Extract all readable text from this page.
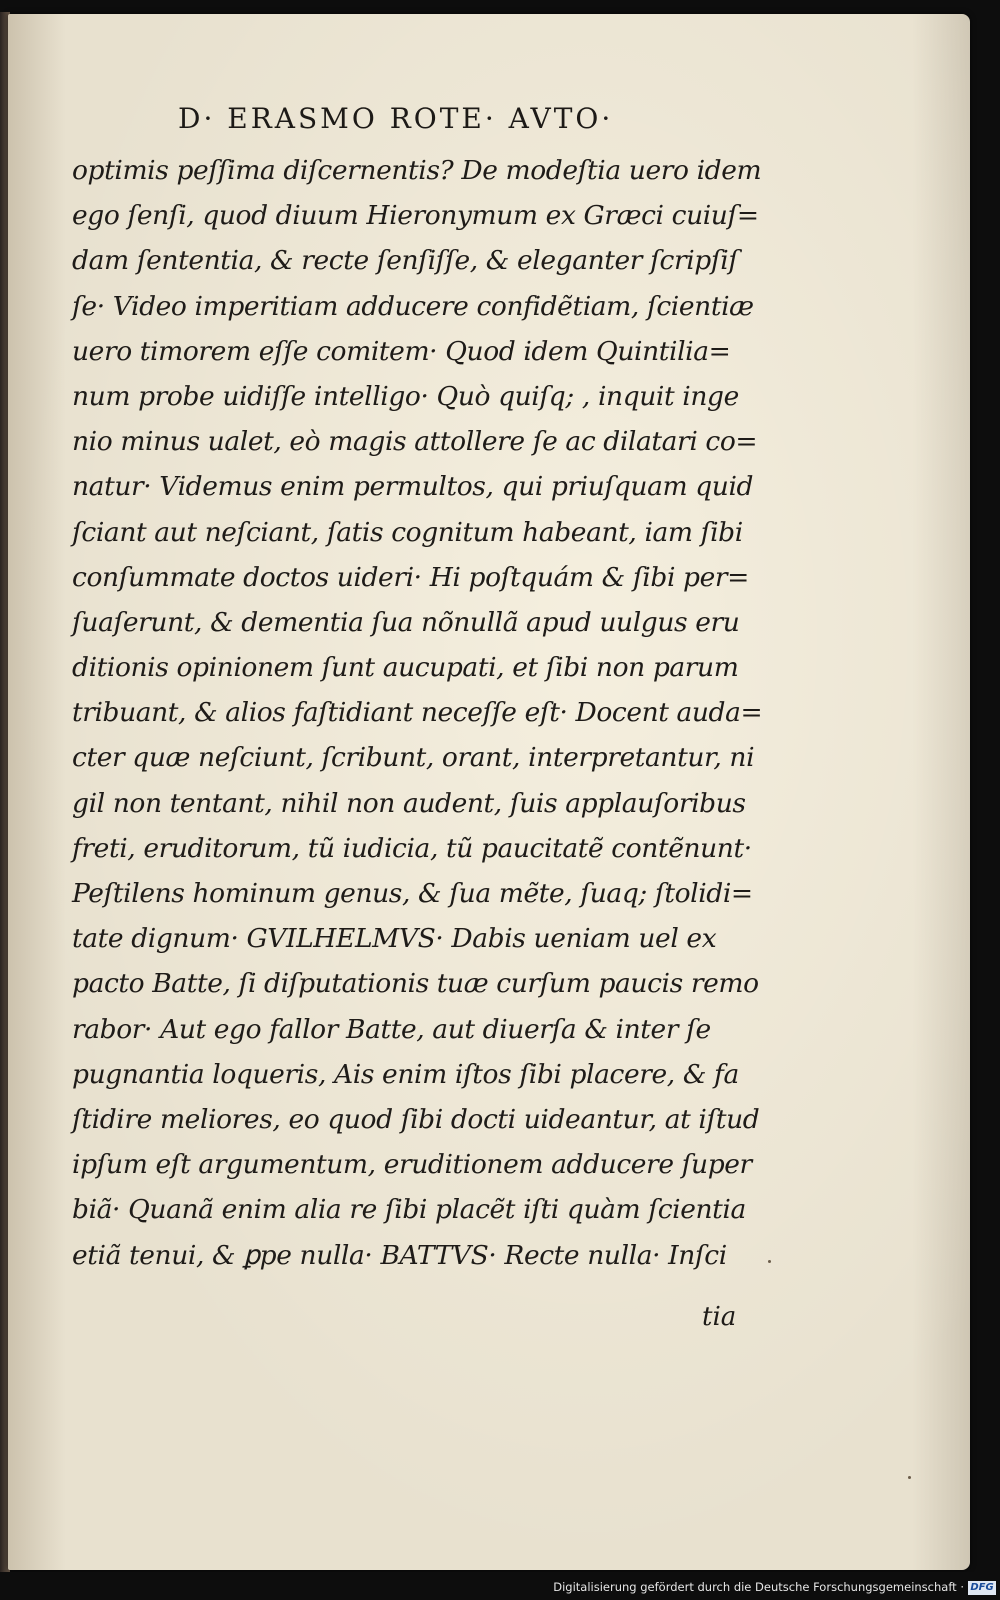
D· ERASMO ROTE· AVTO·
optimis peſſima diſcernentis? De modeſtia uero idem
ego ſenſi, quod diuum Hieronymum ex Græci cuiuſ=
dam ſententia, & recte ſenſiſſe, & eleganter ſcripſiſ
ſe· Video imperitiam adducere confidẽtiam, ſcientiæ
uero timorem eſſe comitem· Quod idem Quintilia=
num probe uidiſſe intelligo· Quò quiſq; , inquit inge
nio minus ualet, eò magis attollere ſe ac dilatari co=
natur· Videmus enim permultos, qui priuſquam quid
ſciant aut neſciant, ſatis cognitum habeant, iam ſibi
conſummate doctos uideri· Hi poſtquám & ſibi per=
ſuaſerunt, & dementia ſua nõnullã apud uulgus eru
ditionis opinionem ſunt aucupati, et ſibi non parum
tribuant, & alios faſtidiant neceſſe eſt· Docent auda=
cter quæ neſciunt, ſcribunt, orant, interpretantur, ni
gil non tentant, nihil non audent, ſuis applauſoribus
freti, eruditorum, tũ iudicia, tũ paucitatẽ contẽnunt·
Peſtilens hominum genus, & ſua mẽte, ſuaq; ſtolidi=
tate dignum· GVILHELMVS· Dabis ueniam uel ex
pacto Batte, ſi diſputationis tuæ curſum paucis remo
rabor· Aut ego fallor Batte, aut diuerſa & inter ſe
pugnantia loqueris, Ais enim iſtos ſibi placere, & fa
ſtidire meliores, eo quod ſibi docti uideantur, at iſtud
ipſum eſt argumentum, eruditionem adducere ſuper
biã· Quanã enim alia re ſibi placẽt iſti quàm ſcientia
etiã tenui, & ꝑpe nulla· BATTVS· Recte nulla· Inſci
tia
Digitalisierung gefördert durch die Deutsche Forschungsgemeinschaft · DFG
